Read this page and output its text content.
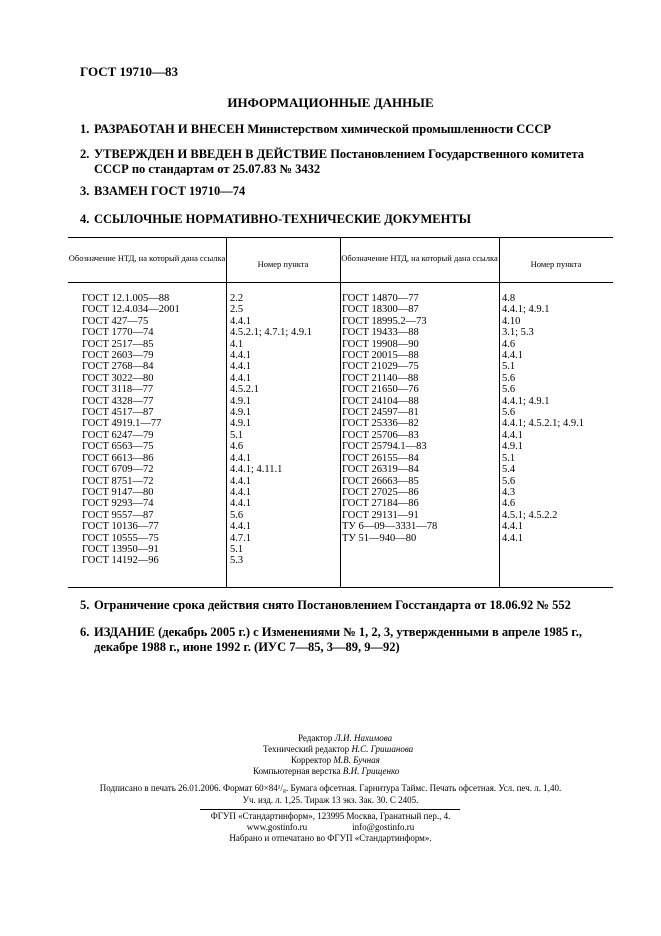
ГОСТ 19710—83
ИНФОРМАЦИОННЫЕ ДАННЫЕ
1. РАЗРАБОТАН И ВНЕСЕН Министерством химической промышленности СССР
2. УТВЕРЖДЕН И ВВЕДЕН В ДЕЙСТВИЕ Постановлением Государственного комитета СССР по стандартам от 25.07.83 № 3432
3. ВЗАМЕН ГОСТ 19710—74
4. ССЫЛОЧНЫЕ НОРМАТИВНО-ТЕХНИЧЕСКИЕ ДОКУМЕНТЫ
Обозначение НТД, на который дана ссылка
Номер пункта
Обозначение НТД, на который дана ссылка
Номер пункта
ГОСТ 12.1.005—88
ГОСТ 12.4.034—2001
ГОСТ 427—75
ГОСТ 1770—74
ГОСТ 2517—85
ГОСТ 2603—79
ГОСТ 2768—84
ГОСТ 3022—80
ГОСТ 3118—77
ГОСТ 4328—77
ГОСТ 4517—87
ГОСТ 4919.1—77
ГОСТ 6247—79
ГОСТ 6563—75
ГОСТ 6613—86
ГОСТ 6709—72
ГОСТ 8751—72
ГОСТ 9147—80
ГОСТ 9293—74
ГОСТ 9557—87
ГОСТ 10136—77
ГОСТ 10555—75
ГОСТ 13950—91
ГОСТ 14192—96
2.2
2.5
4.4.1
4.5.2.1; 4.7.1; 4.9.1
4.1
4.4.1
4.4.1
4.4.1
4.5.2.1
4.9.1
4.9.1
4.9.1
5.1
4.6
4.4.1
4.4.1; 4.11.1
4.4.1
4.4.1
4.4.1
5.6
4.4.1
4.7.1
5.1
5.3
ГОСТ 14870—77
ГОСТ 18300—87
ГОСТ 18995.2—73
ГОСТ 19433—88
ГОСТ 19908—90
ГОСТ 20015—88
ГОСТ 21029—75
ГОСТ 21140—88
ГОСТ 21650—76
ГОСТ 24104—88
ГОСТ 24597—81
ГОСТ 25336—82
ГОСТ 25706—83
ГОСТ 25794.1—83
ГОСТ 26155—84
ГОСТ 26319—84
ГОСТ 26663—85
ГОСТ 27025—86
ГОСТ 27184—86
ГОСТ 29131—91
ТУ 6—09—3331—78
ТУ 51—940—80
4.8
4.4.1; 4.9.1
4.10
3.1; 5.3
4.6
4.4.1
5.1
5.6
5.6
4.4.1; 4.9.1
5.6
4.4.1; 4.5.2.1; 4.9.1
4.4.1
4.9.1
5.1
5.4
5.6
4.3
4.6
4.5.1; 4.5.2.2
4.4.1
4.4.1
5. Ограничение срока действия снято Постановлением Госстандарта от 18.06.92 № 552
6. ИЗДАНИЕ (декабрь 2005 г.) с Изменениями № 1, 2, 3, утвержденными в апреле 1985 г., декабре 1988 г., июне 1992 г. (ИУС 7—85, 3—89, 9—92)
Редактор Л.И. Нахимова
Технический редактор Н.С. Гришанова
Корректор М.В. Бучная
Компьютерная верстка В.И. Грищенко
Подписано в печать 26.01.2006. Формат 60×84¹/₈. Бумага офсетная. Гарнитура Таймс. Печать офсетная. Усл. печ. л. 1,40.
Уч. изд. л. 1,25. Тираж 13 экз. Зак. 30. С 2405.
ФГУП «Стандартинформ», 123995 Москва, Гранатный пер., 4.
www.gostinfo.ru                    info@gostinfo.ru
Набрано и отпечатано во ФГУП «Стандартинформ».
